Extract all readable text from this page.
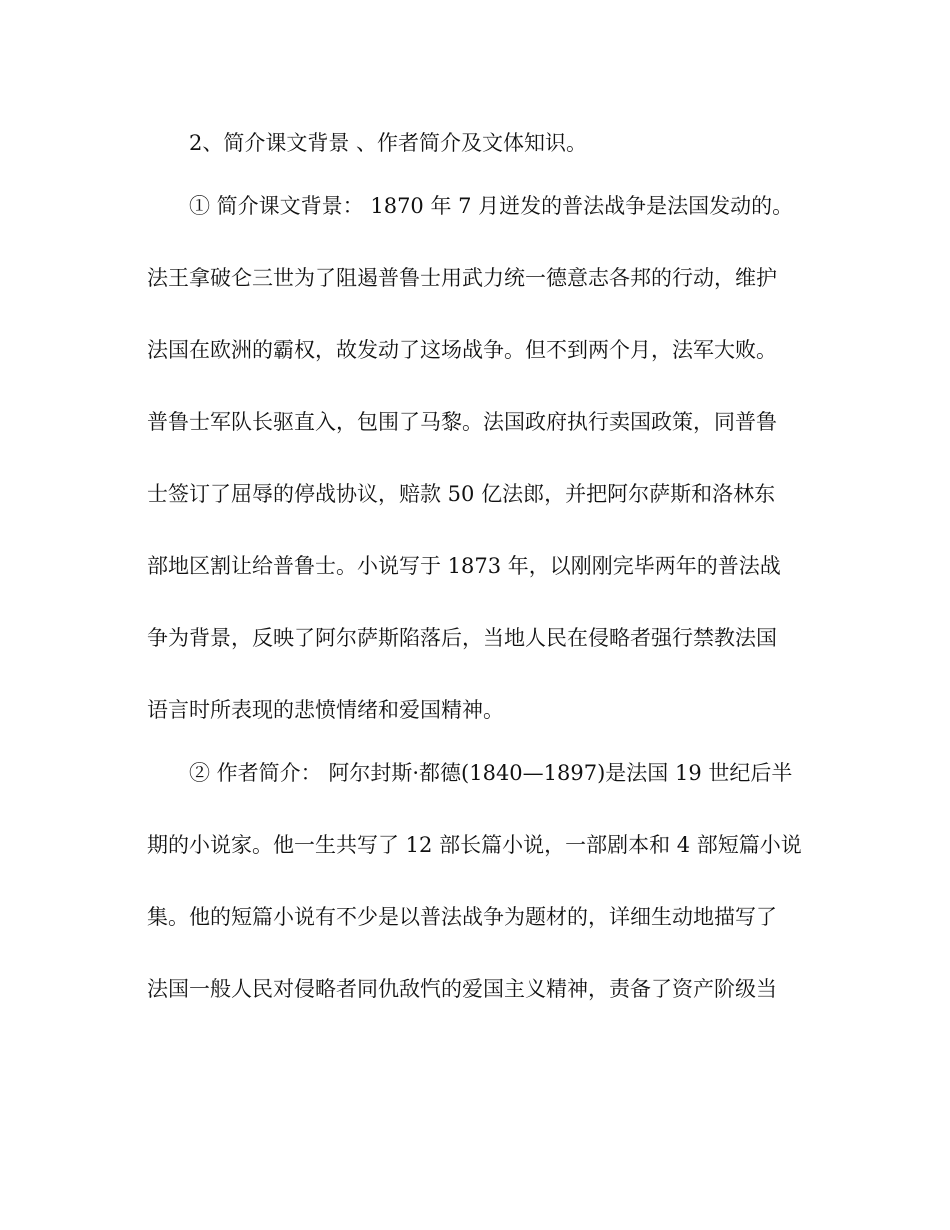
2、简介课文背景 、作者简介及文体知识。

① 简介课文背景： 1870 年 7 月迸发的普法战争是法国发动的。

法王拿破仑三世为了阻遏普鲁士用武力统一德意志各邦的行动，维护

法国在欧洲的霸权，故发动了这场战争。但不到两个月，法军大败。

普鲁士军队长驱直入，包围了马黎。法国政府执行卖国政策，同普鲁

士签订了屈辱的停战协议，赔款 50 亿法郎，并把阿尔萨斯和洛林东

部地区割让给普鲁士。小说写于 1873 年，以刚刚完毕两年的普法战

争为背景，反映了阿尔萨斯陷落后，当地人民在侵略者强行禁教法国

语言时所表现的悲愤情绪和爱国精神。

② 作者简介： 阿尔封斯·都德(1840—1897)是法国 19 世纪后半

期的小说家。他一生共写了 12 部长篇小说，一部剧本和 4 部短篇小说

集。他的短篇小说有不少是以普法战争为题材的，详细生动地描写了

法国一般人民对侵略者同仇敌忾的爱国主义精神，责备了资产阶级当
